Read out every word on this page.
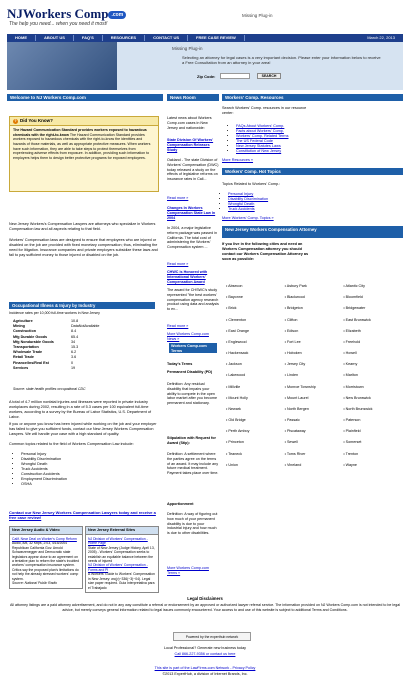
NJWorkers Comp .com
The help you need... when you need it most!
Missing Plug-in
HOME	ABOUT US	FAQ'S	RESOURCES	CONTACT US	FREE CASE REVIEW	March 22, 2013
Missing Plug-in
Selecting an attorney for legal cases is a very important decision. Please enter your information below to receive a Free Consultation from an attorney in your area!
Zip Code:	SEARCH
Welcome to NJ Workers Comp.com	News Room	Workers' Comp. Resources
? Did You Know?
The Hazard Communication Standard provides workers exposed to hazardous chemicals with the right-to-know The Hazard Communication Standard provides workers exposed to hazardous chemicals with the right-to-know the identities and hazards of those materials, as well as appropriate protective measures. When workers have such information, they are able to take steps to protect themselves from experiencing adverse effects from exposure. In addition, providing such information to employers helps them to design better protective programs for exposed employees.
New Jersey Workers's Compensation Lawyers are attorneys who specialize in Workers Compensation law and all aspects relating to that field.
Workers' Compensation laws are designed to ensure that employees who are injured or disabled on the job are provided with fixed monetary compensation; thus, eliminating the need for litigation. Insurance companies and private employers subsidize these laws and fail to pay sufficient money to those injured or disabled on the job.
Occupational Illness & Injury by Industry
Incidence rates per 10,000 full-time workers in New Jersey
Agriculture	10.8
Mining	DataNotAvailable
Construction	8.4
Mfg Durable Goods	65.4
Mfg Nondurable Goods	34
Transportation	15.3
Wholesale Trade	6.2
Retail Trade	3.6
Finance/Ins/Real Est	0
Services	19
Source: state health profiles occupational CDC
A total of 4.7 million nonfatal injuries and illnesses were reported in private industry workplaces during 2002, resulting in a rate of 5.3 cases per 100 equivalent full-time workers, according to a survey by the Bureau of Labor Statistics, U.S. Department of Labor.
If you or anyone you know has been injured while working on the job and your employer has failed to give you sufficient funds, contact our New Jersey Workers Compensation Lawyers. We will handle your case with a high standard of quality.
Common topics related to the field of Workers Compensation Law include:
• Personal Injury
• Disability Discrimination
• Wrongful Death
• Truck Accidents
• Construction Accidents
• Employment Discrimination
• OSHA
Contact our New Jersey Workers Compensation Lawyers today and receive a free case review!
New Jersey Audio & Video
Calif. Near Deal on Worker's Comp Reform
Audio, 8/8, 32 Kbps, 2:03, 4/15/2004
Republican California Gov. Arnold Schwarzenegger and Democratic state legislators appear close to an agreement on a tentative plan to reform the state's troubled workers' compensation insurance system. Critics say the proposed plan's limitations do not help the already stressed workers' comp system.
Source: National Public Radio
New Jersey External Sites
NJ Division of Workers' Compensation - Home Page
State of New Jersey (Judge Hickey, April 13, 2005) - Workers' Compensation seeks to establish an equitable balance between the needs of injured
NJ Division of Workers' Compensation - Forms and Pl
A Workers' Guide to Workers' Compensation in New Jersey: wc(p)~336(~3)~04). Legal size paper required. Guia Interpretativa para el Trabajado
Latest news about Workers Comp.com cases in New Jersey and nationwide:
State Division Of Workers' Compensation Releases Study
Oakland - The state Division of Workers' Compensation (DWC) today released a study on the effects of legislative reforms on insurance rates in Cali...
Read more »
Changes In Workers Compensation State Law In 2004
In 2004, a major legislative reform package was passed in California. The total cost of administering the Workers' Compensation system ...
Read more »
CHWC is Honored with International Workers' Compensation Award
The award for CHSWC's study represented "the best workers' compensation agency research product using data and analysis to ev...
Read more »
More Workers Comp.com News »
Workers Comp.com Terms
Today's Terms
Permanent Disability (PD)
Definition: Any residual disability that impairs your ability to compete in the open labor market after you become permanent and stationary.
Stipulation with Request for Award (Stip):
Definition: A settlement where the parties agree on the terms of an award. It may include any future medical treatment. Payment takes place over time.
Apportionment
Definition: A way of figuring out how much of your permanent disability is due to your industrial injury and how much is due to other disabilities.
More Workers Comp.com Terms »
Search Workers' Comp. resources in our resource center:
• FAQs About Workers' Comp.
• Facts about Workers' Comp.
• Workers' Comp. Related Terms
• The US Federal Code
• New Jersey Statutes Laws
• Constitution of New Jersey
More Resources »
Workers' Comp. Hot Topics
Topics Related to Workers' Comp.:
• Personal Injury
• Disability Discrimination
• Wrongful Death
• Truck Accidents
More Workers' Comp. Topics »
New Jersey Workers Compensation Attorney
If you live in the following cities and need an Workers Compensation attorney you should contact our Workers Compensation Attorney as soon as possible:
• Absecon	• Asbury Park	• Atlantic City
• Bayonne	• Blackwood	• Bloomfield
• Brick	• Bridgeton	• Bridgewater
• Clementon	• Clifton	• East Brunswick
• East Orange	• Edison	• Elizabeth
• Englewood	• Fort Lee	• Freehold
• Hackensack	• Hoboken	• Howell
• Jackson	• Jersey City	• Kearny
• Lakewood	• Linden	• Marlton
• Millville	• Monroe Township	• Morristown
• Mount Holly	• Mount Laurel	• New Brunswick
• Newark	• North Bergen	• North Brunswick
• Old Bridge	• Passaic	• Paterson
• Perth Amboy	• Piscataway	• Plainfield
• Princeton	• Sewell	• Somerset
• Teaneck	• Toms River	• Trenton
• Union	• Vineland	• Wayne
Legal Disclaimers
All attorney listings are a paid attorney advertisement, and do not in any way constitute a referral or endorsement by an approved or authorized lawyer referral service. The information provided on NJ Workers Comp.com is not intended to be legal advice, but merely conveys general information related to legal issues commonly encountered. Your access to and use of this website is subject to additional Terms and Conditions.
Powered by the experthub network
Local Professional? Generate new business today
Call 866-227-9356 or contact us here
This site is part of the LawFirms.com Network - Privacy Policy
©2013 ExpertHub, a division of Internet Brands, Inc.
